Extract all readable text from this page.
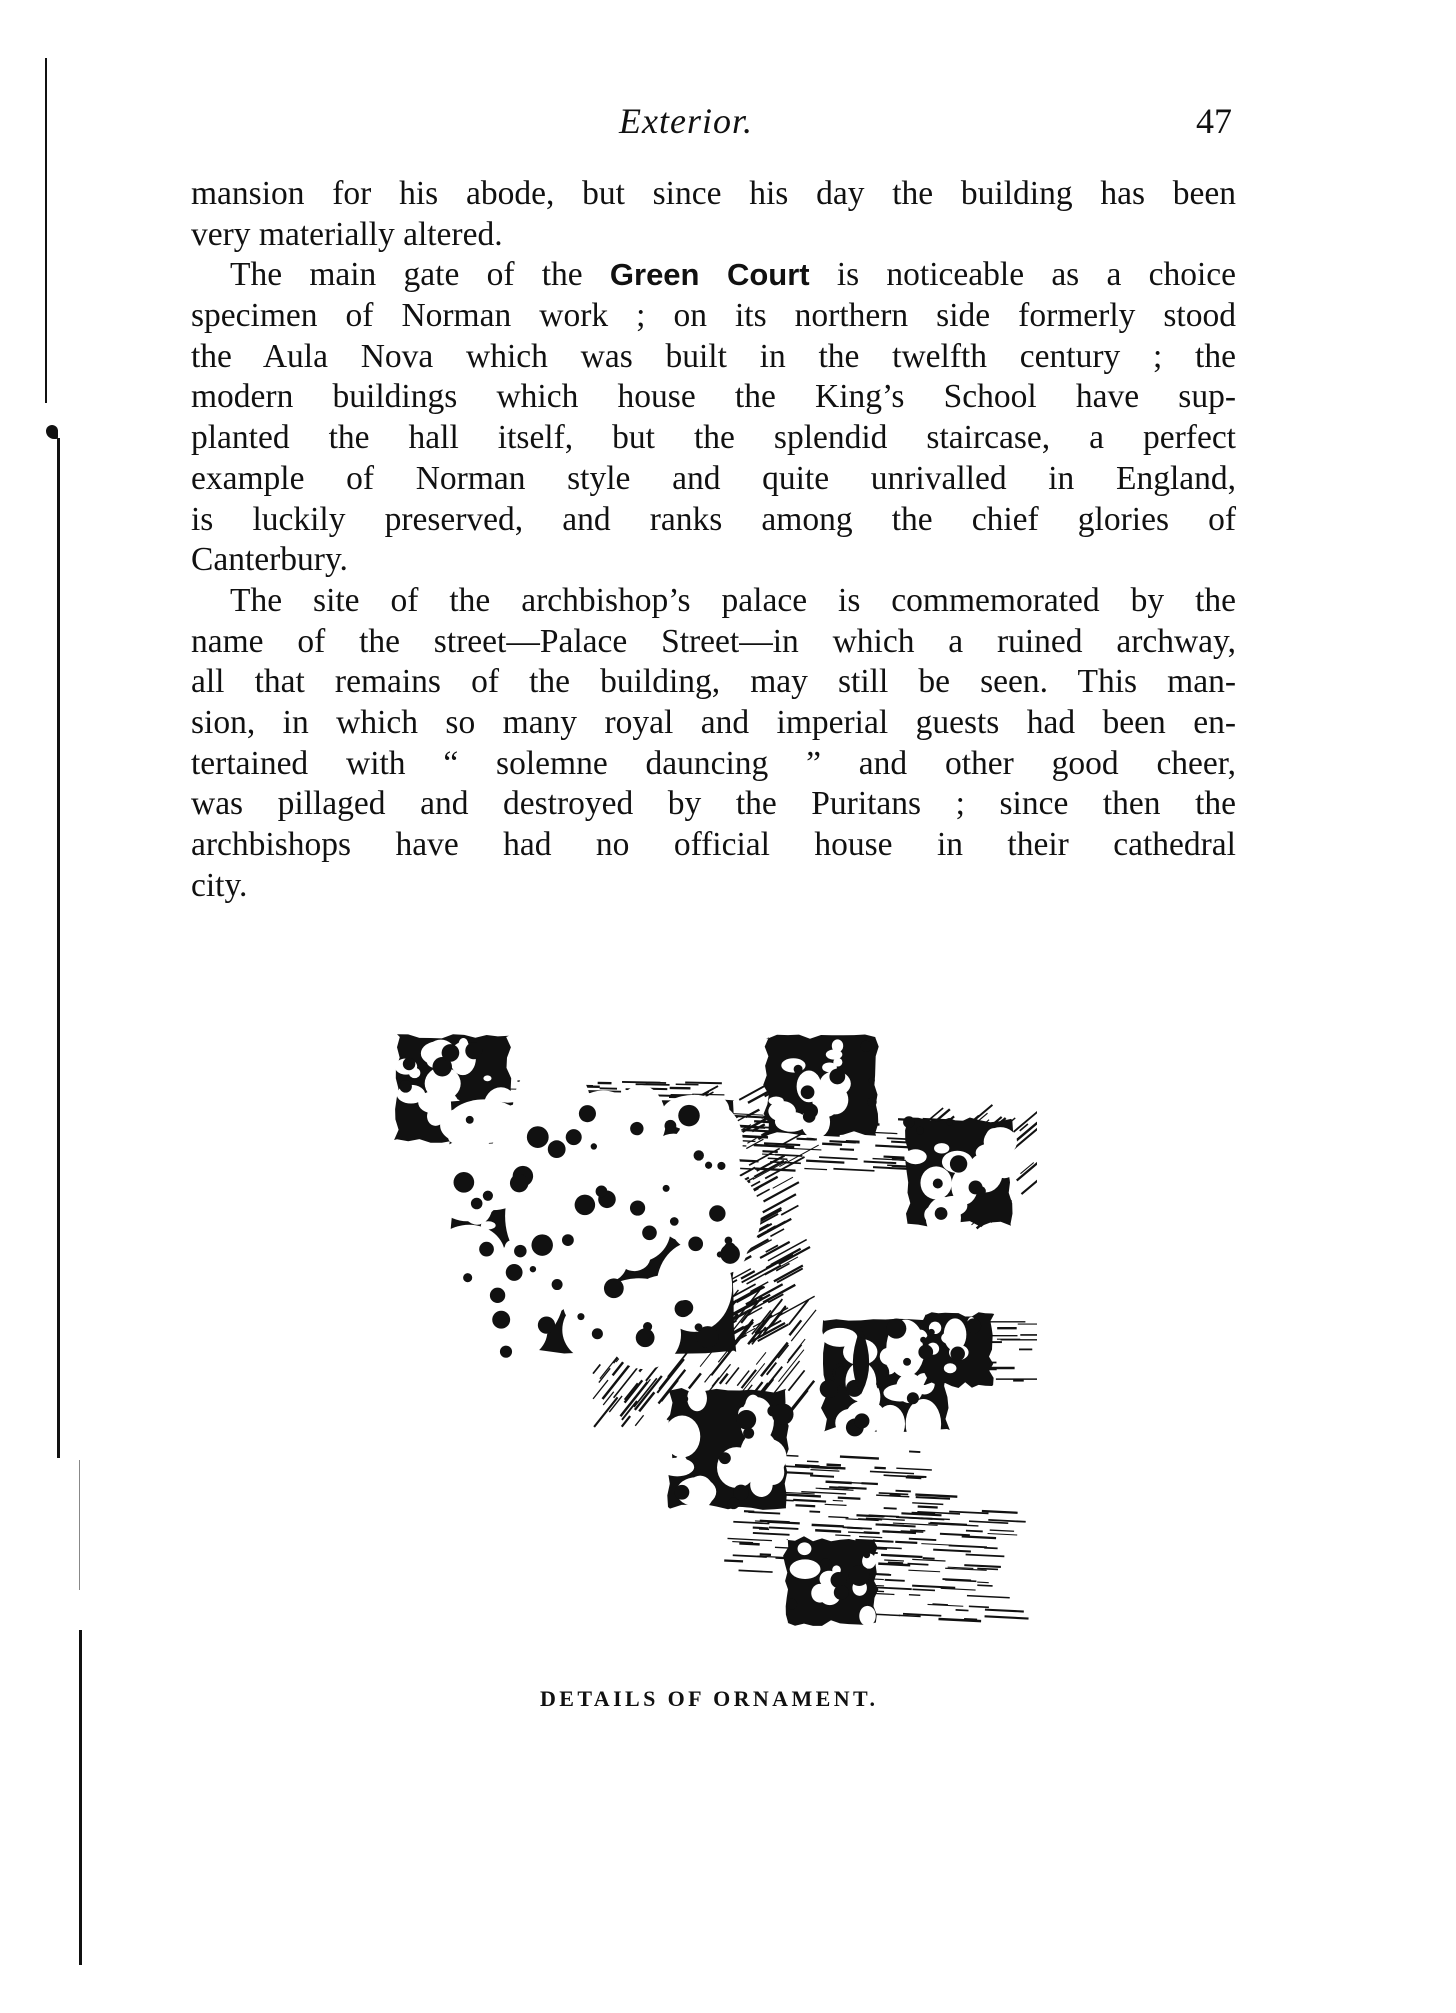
Exterior.	47
mansion for his abode, but since his day the building has been
very materially altered.
The main gate of the Green Court is noticeable as a choice
specimen of Norman work ; on its northern side formerly stood
the Aula Nova which was built in the twelfth century ; the
modern buildings which house the King’s School have sup-
planted the hall itself, but the splendid staircase, a perfect
example of Norman style and quite unrivalled in England,
is luckily preserved, and ranks among the chief glories of
Canterbury.
The site of the archbishop’s palace is commemorated by the
name of the street—Palace Street—in which a ruined archway,
all that remains of the building, may still be seen. This man-
sion, in which so many royal and imperial guests had been en-
tertained with “ solemne dauncing ” and other good cheer,
was pillaged and destroyed by the Puritans ; since then the
archbishops have had no official house in their cathedral
city.
DETAILS OF ORNAMENT.
